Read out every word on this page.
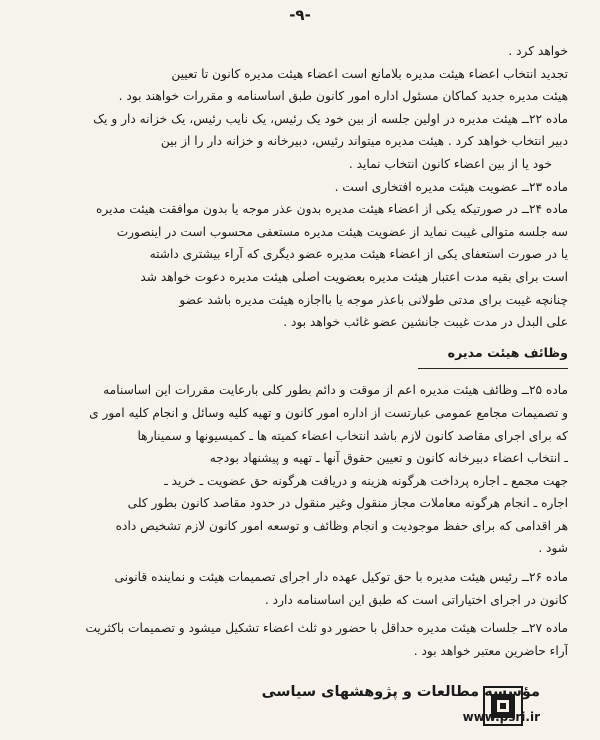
-۹-
خواهد کرد .
تجدید انتخاب اعضاء هیئت مدیره بلامانع است اعضاء هیئت مدیره کانون تا تعیین
هیئت مدیره جدید کماکان مسئول اداره امور کانون طبق اساسنامه و مقررات خواهند بود .
ماده ۲۲ــ هیئت مدیره در اولین جلسه از بین خود یک رئیس، یک نایب رئیس، یک خزانه دار و یک
دبیر انتخاب خواهد کرد . هیئت مدیره میتواند رئیس، دبیرخانه و خزانه دار را از بین
خود یا از بین اعضاء کانون انتخاب نماید .
ماده ۲۳ــ عضویت هیئت مدیره افتخاری است .
ماده ۲۴ــ در صورتیکه یکی از اعضاء هیئت مدیره بدون عذر موجه یا بدون موافقت هیئت مدیره
سه جلسه متوالی غیبت نماید از عضویت هیئت مدیره مستعفی محسوب است در اینصورت
یا در صورت استعفای یکی از اعضاء هیئت مدیره عضو دیگری که آراء بیشتری داشته
است برای بقیه مدت اعتبار هیئت مدیره بعضویت اصلی هیئت مدیره دعوت خواهد شد
چنانچه غیبت برای مدتی طولانی باعذر موجه یا بااجازه هیئت مدیره باشد عضو
علی البدل در مدت غیبت جانشین عضو غائب خواهد بود .
وظائف هیئت مدیره
ماده ۲۵ــ وظائف هیئت مدیره اعم از موقت و دائم بطور کلی بارعایت مقررات این اساسنامه
و تصمیمات مجامع عمومی عبارتست از اداره امور کانون و تهیه کلیه وسائل و انجام کلیه امور ی
که برای اجرای مقاصد کانون لازم باشد انتخاب اعضاء کمیته ها ـ کمیسیونها و سمینارها
ـ انتخاب اعضاء دبیرخانه کانون و تعیین حقوق آنها ـ تهیه و پیشنهاد بودجه
جهت مجمع ـ اجاره پرداخت هرگونه هزینه و دریافت هرگونه حق عضویت ـ خرید ـ
اجاره ـ انجام هرگونه معاملات مجاز منقول وغیر منقول در حدود مقاصد کانون بطور کلی
هر اقدامی که برای حفظ موجودیت و انجام وظائف و توسعه امور کانون لازم تشخیص داده
شود .
ماده ۲۶ــ رئیس هیئت مدیره با حق توکیل عهده دار اجرای تصمیمات هیئت و نماینده قانونی
کانون در اجرای اختیاراتی است که طبق این اساسنامه دارد .
ماده ۲۷ــ جلسات هیئت مدیره حداقل با حضور دو ثلث اعضاء تشکیل میشود و تصمیمات باکثریت
آراء حاضرین معتبر خواهد بود .
مؤسسه مطالعات و پژوهشهای سیاسی
www.psri.ir
